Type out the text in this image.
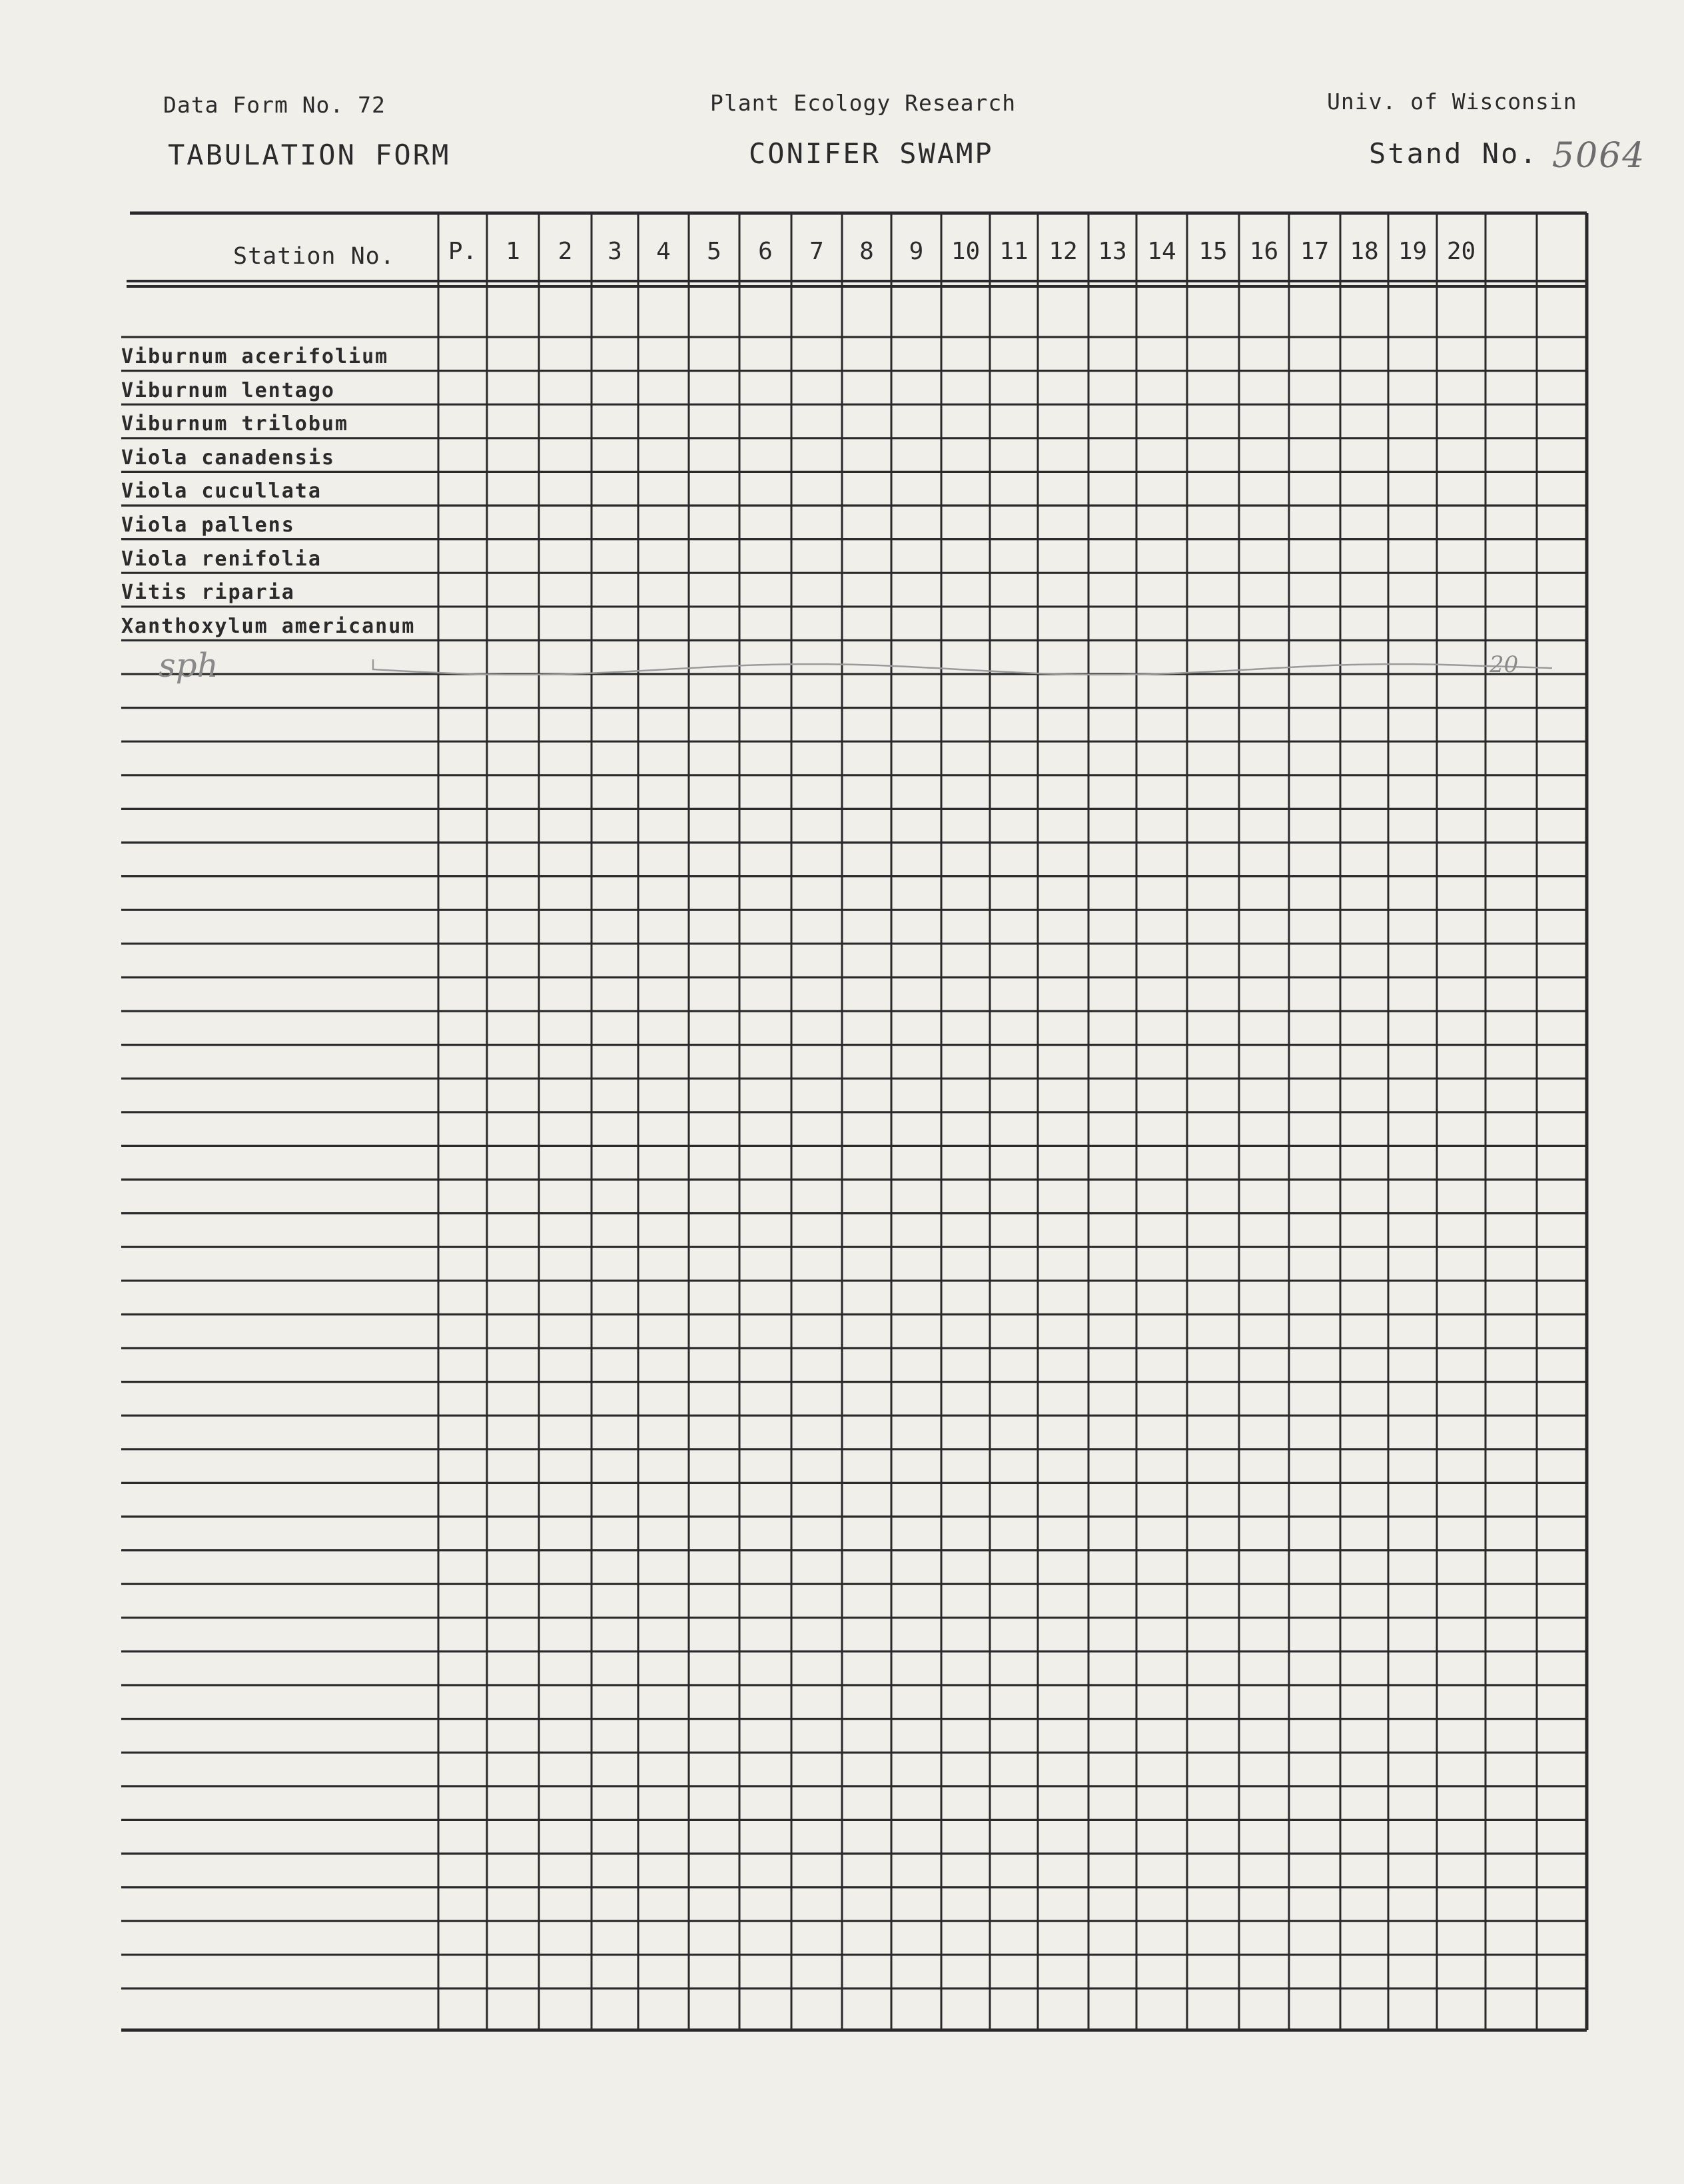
Data Form No. 72	Plant Ecology Research	Univ. of Wisconsin
TABULATION FORM	CONIFER SWAMP	Stand No. 5064
Station No. P. 1 2 3 4 5 6 7 8 9 10 11 12 13 14 15 16 17 18 19 20
Viburnum acerifolium
Viburnum lentago
Viburnum trilobum
Viola canadensis
Viola cucullata
Viola pallens
Viola renifolia
Vitis riparia
Xanthoxylum americanum
sph	20
